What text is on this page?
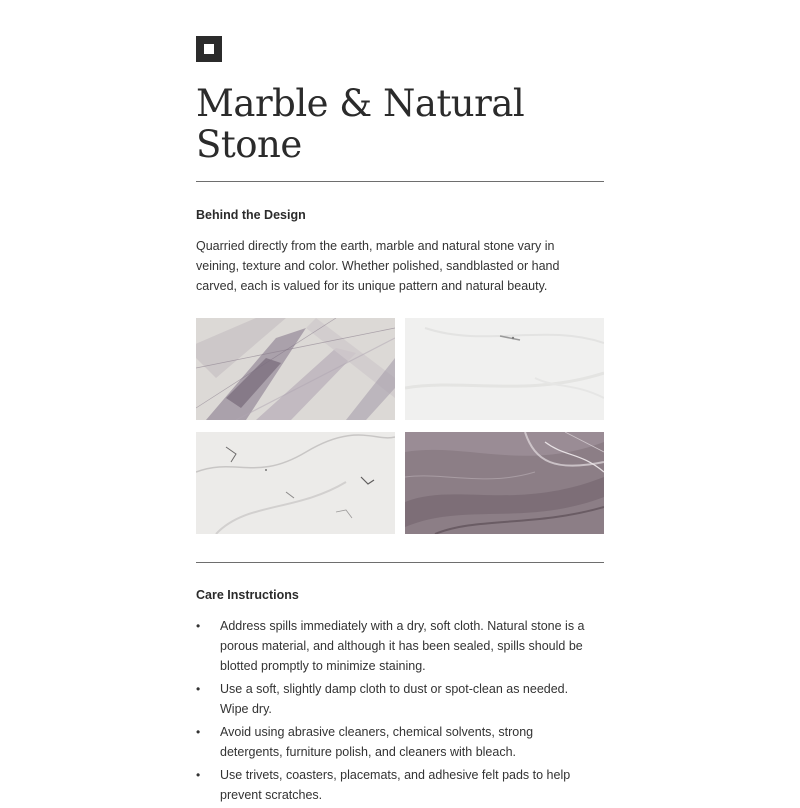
Marble & Natural Stone
Behind the Design
Quarried directly from the earth, marble and natural stone vary in veining, texture and color. Whether polished, sandblasted or hand carved, each is valued for its unique pattern and natural beauty.
Care Instructions
• Address spills immediately with a dry, soft cloth. Natural stone is a porous material, and although it has been sealed, spills should be blotted promptly to minimize staining.
• Use a soft, slightly damp cloth to dust or spot-clean as needed. Wipe dry.
• Avoid using abrasive cleaners, chemical solvents, strong detergents, furniture polish, and cleaners with bleach.
• Use trivets, coasters, placemats, and adhesive felt pads to help prevent scratches.
